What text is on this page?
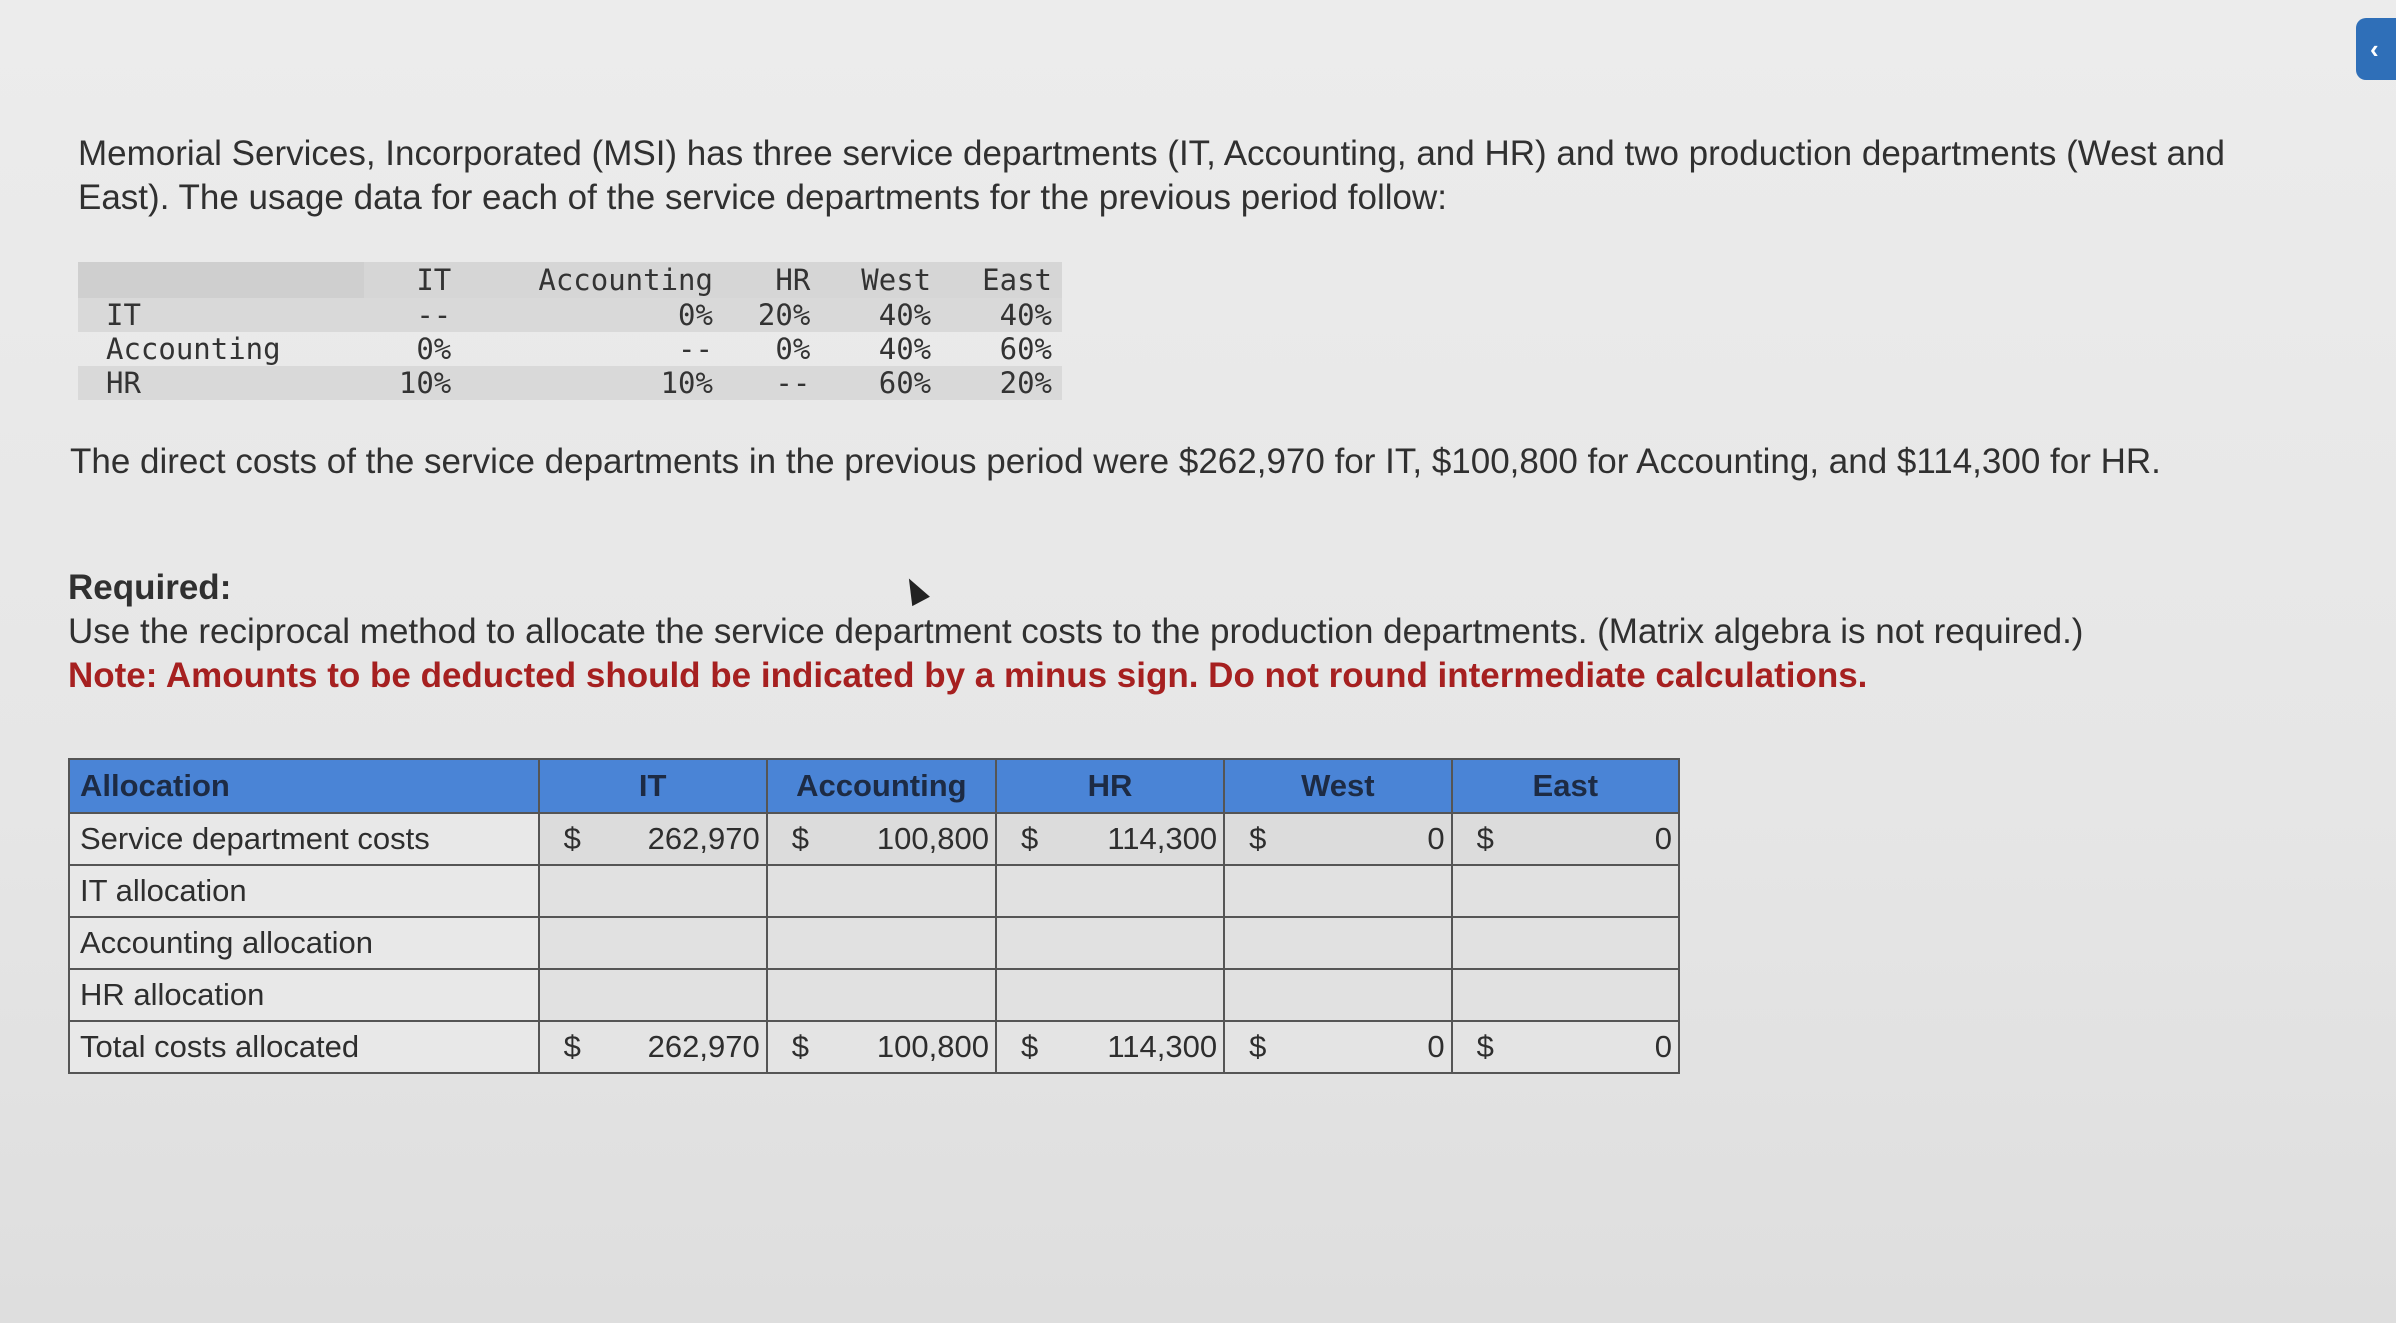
‹
Memorial Services, Incorporated (MSI) has three service departments (IT, Accounting, and HR) and two production departments (West and East). The usage data for each of the service departments for the previous period follow:
	IT	Accounting	HR	West	East
IT	--	0%	20%	40%	40%
Accounting	0%	--	0%	40%	60%
HR	10%	10%	--	60%	20%
The direct costs of the service departments in the previous period were $262,970 for IT, $100,800 for Accounting, and $114,300 for HR.
Required:
Use the reciprocal method to allocate the service department costs to the production departments. (Matrix algebra is not required.)
Note: Amounts to be deducted should be indicated by a minus sign. Do not round intermediate calculations.
Allocation	IT	Accounting	HR	West	East
Service department costs	$ 262,970	$ 100,800	$ 114,300	$ 0	$ 0

IT allocation					
Accounting allocation					
HR allocation					
Total costs allocated	$ 262,970	$ 100,800	$ 114,300	$ 0	$ 0
